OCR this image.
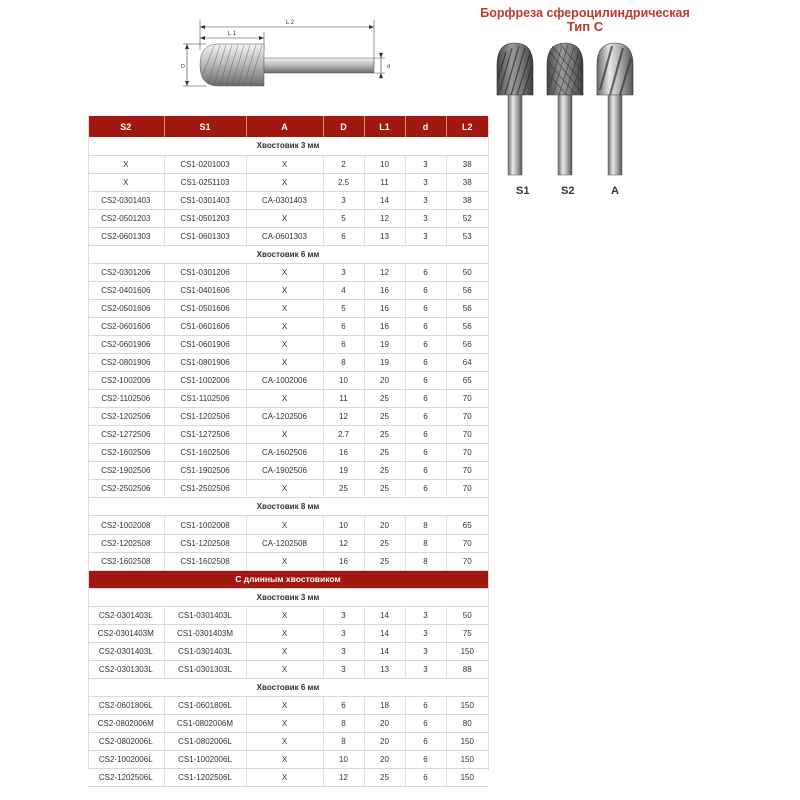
L 2
L 1
D	d
Борфреза сфероцилиндрическая
Тип С
S1	S2	A
S2	S1	A	D	L1	d	L2
Хвостовик 3 мм						
X	CS1-0201003	X	2	10	3	38
X	CS1-0251103	X	2.5	11	3	38
CS2-0301403	CS1-0301403	CA-0301403	3	14	3	38
CS2-0501203	CS1-0501203	X	5	12	3	52
CS2-0601303	CS1-0601303	CA-0601303	6	13	3	53
Хвостовик 6 мм						
CS2-0301206	CS1-0301206	X	3	12	6	50
CS2-0401606	CS1-0401606	X	4	16	6	56
CS2-0501606	CS1-0501606	X	5	16	6	56
CS2-0601606	CS1-0601606	X	6	16	6	56
CS2-0601906	CS1-0601906	X	6	19	6	56
CS2-0801906	CS1-0801906	X	8	19	6	64
CS2-1002006	CS1-1002006	CA-1002006	10	20	6	65
CS2-1102506	CS1-1102506	X	11	25	6	70
CS2-1202506	CS1-1202506	CA-1202506	12	25	6	70
CS2-1272506	CS1-1272506	X	2.7	25	6	70
CS2-1602506	CS1-1602506	CA-1602506	16	25	6	70
CS2-1902506	CS1-1902506	CA-1902506	19	25	6	70
CS2-2502506	CS1-2502506	X	25	25	6	70
Хвостовик 8 мм						
CS2-1002008	CS1-1002008	X	10	20	8	65
CS2-1202508	CS1-1202508	CA-1202508	12	25	8	70
CS2-1602508	CS1-1602508	X	16	25	8	70
С длинным хвостовиком						
Хвостовик 3 мм						
CS2-0301403L	CS1-0301403L	X	3	14	3	50
CS2-0301403M	CS1-0301403M	X	3	14	3	75
CS2-0301403L	CS1-0301403L	X	3	14	3	150
CS2-0301303L	CS1-0301303L	X	3	13	3	88
Хвостовик 6 мм						
CS2-0601806L	CS1-0601806L	X	6	18	6	150
CS2-0802006M	CS1-0802006M	X	8	20	6	80
CS2-0802006L	CS1-0802006L	X	8	20	6	150
CS2-1002006L	CS1-1002006L	X	10	20	6	150
CS2-1202506L	CS1-1202506L	X	12	25	6	150
